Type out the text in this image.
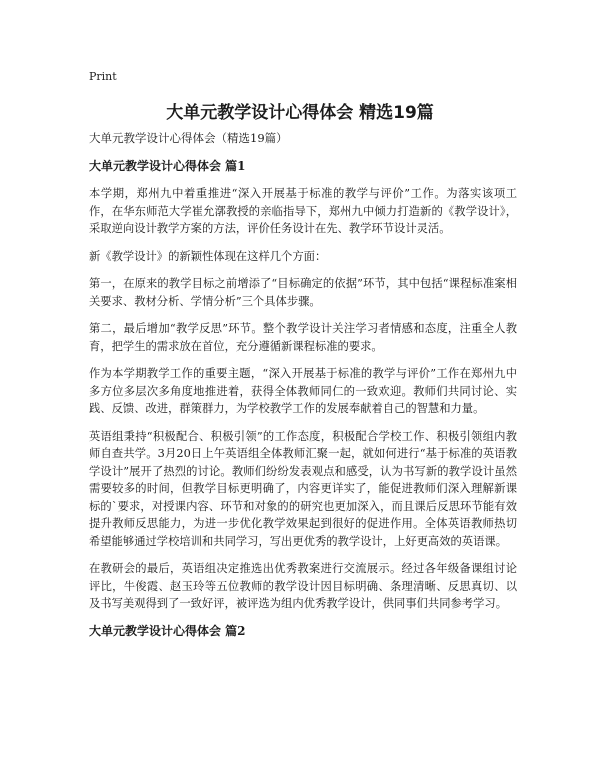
Print
大单元教学设计心得体会 精选19篇

大单元教学设计心得体会（精选19篇）

大单元教学设计心得体会 篇1

本学期，郑州九中着重推进“深入开展基于标准的教学与评价”工作。为落实该项工作，在华东师范大学崔允漷教授的亲临指导下，郑州九中倾力打造新的《教学设计》，采取逆向设计教学方案的方法，评价任务设计在先、教学环节设计灵活。

新《教学设计》的新颖性体现在这样几个方面：

第一，在原来的教学目标之前增添了“目标确定的依据”环节，其中包括“课程标准案相关要求、教材分析、学情分析”三个具体步骤。

第二，最后增加“教学反思”环节。整个教学设计关注学习者情感和态度，注重全人教育，把学生的需求放在首位，充分遵循新课程标准的要求。

作为本学期教学工作的重要主题，“深入开展基于标准的教学与评价”工作在郑州九中多方位多层次多角度地推进着，获得全体教师同仁的一致欢迎。教师们共同讨论、实践、反馈、改进，群策群力，为学校教学工作的发展奉献着自己的智慧和力量。

英语组秉持“积极配合、积极引领”的工作态度，积极配合学校工作、积极引领组内教师自查共学。3月20日上午英语组全体教师汇聚一起，就如何进行“基于标准的英语教学设计”展开了热烈的讨论。教师们纷纷发表观点和感受，认为书写新的教学设计虽然需要较多的时间，但教学目标更明确了，内容更详实了，能促进教师们深入理解新课标的`要求，对授课内容、环节和对象的的研究也更加深入，而且课后反思环节能有效提升教师反思能力，为进一步优化教学效果起到很好的促进作用。全体英语教师热切希望能够通过学校培训和共同学习，写出更优秀的教学设计，上好更高效的英语课。

在教研会的最后，英语组决定推选出优秀教案进行交流展示。经过各年级备课组讨论评比，牛俊霞、赵玉玲等五位教师的教学设计因目标明确、条理清晰、反思真切、以及书写美观得到了一致好评，被评选为组内优秀教学设计，供同事们共同参考学习。

大单元教学设计心得体会 篇2
